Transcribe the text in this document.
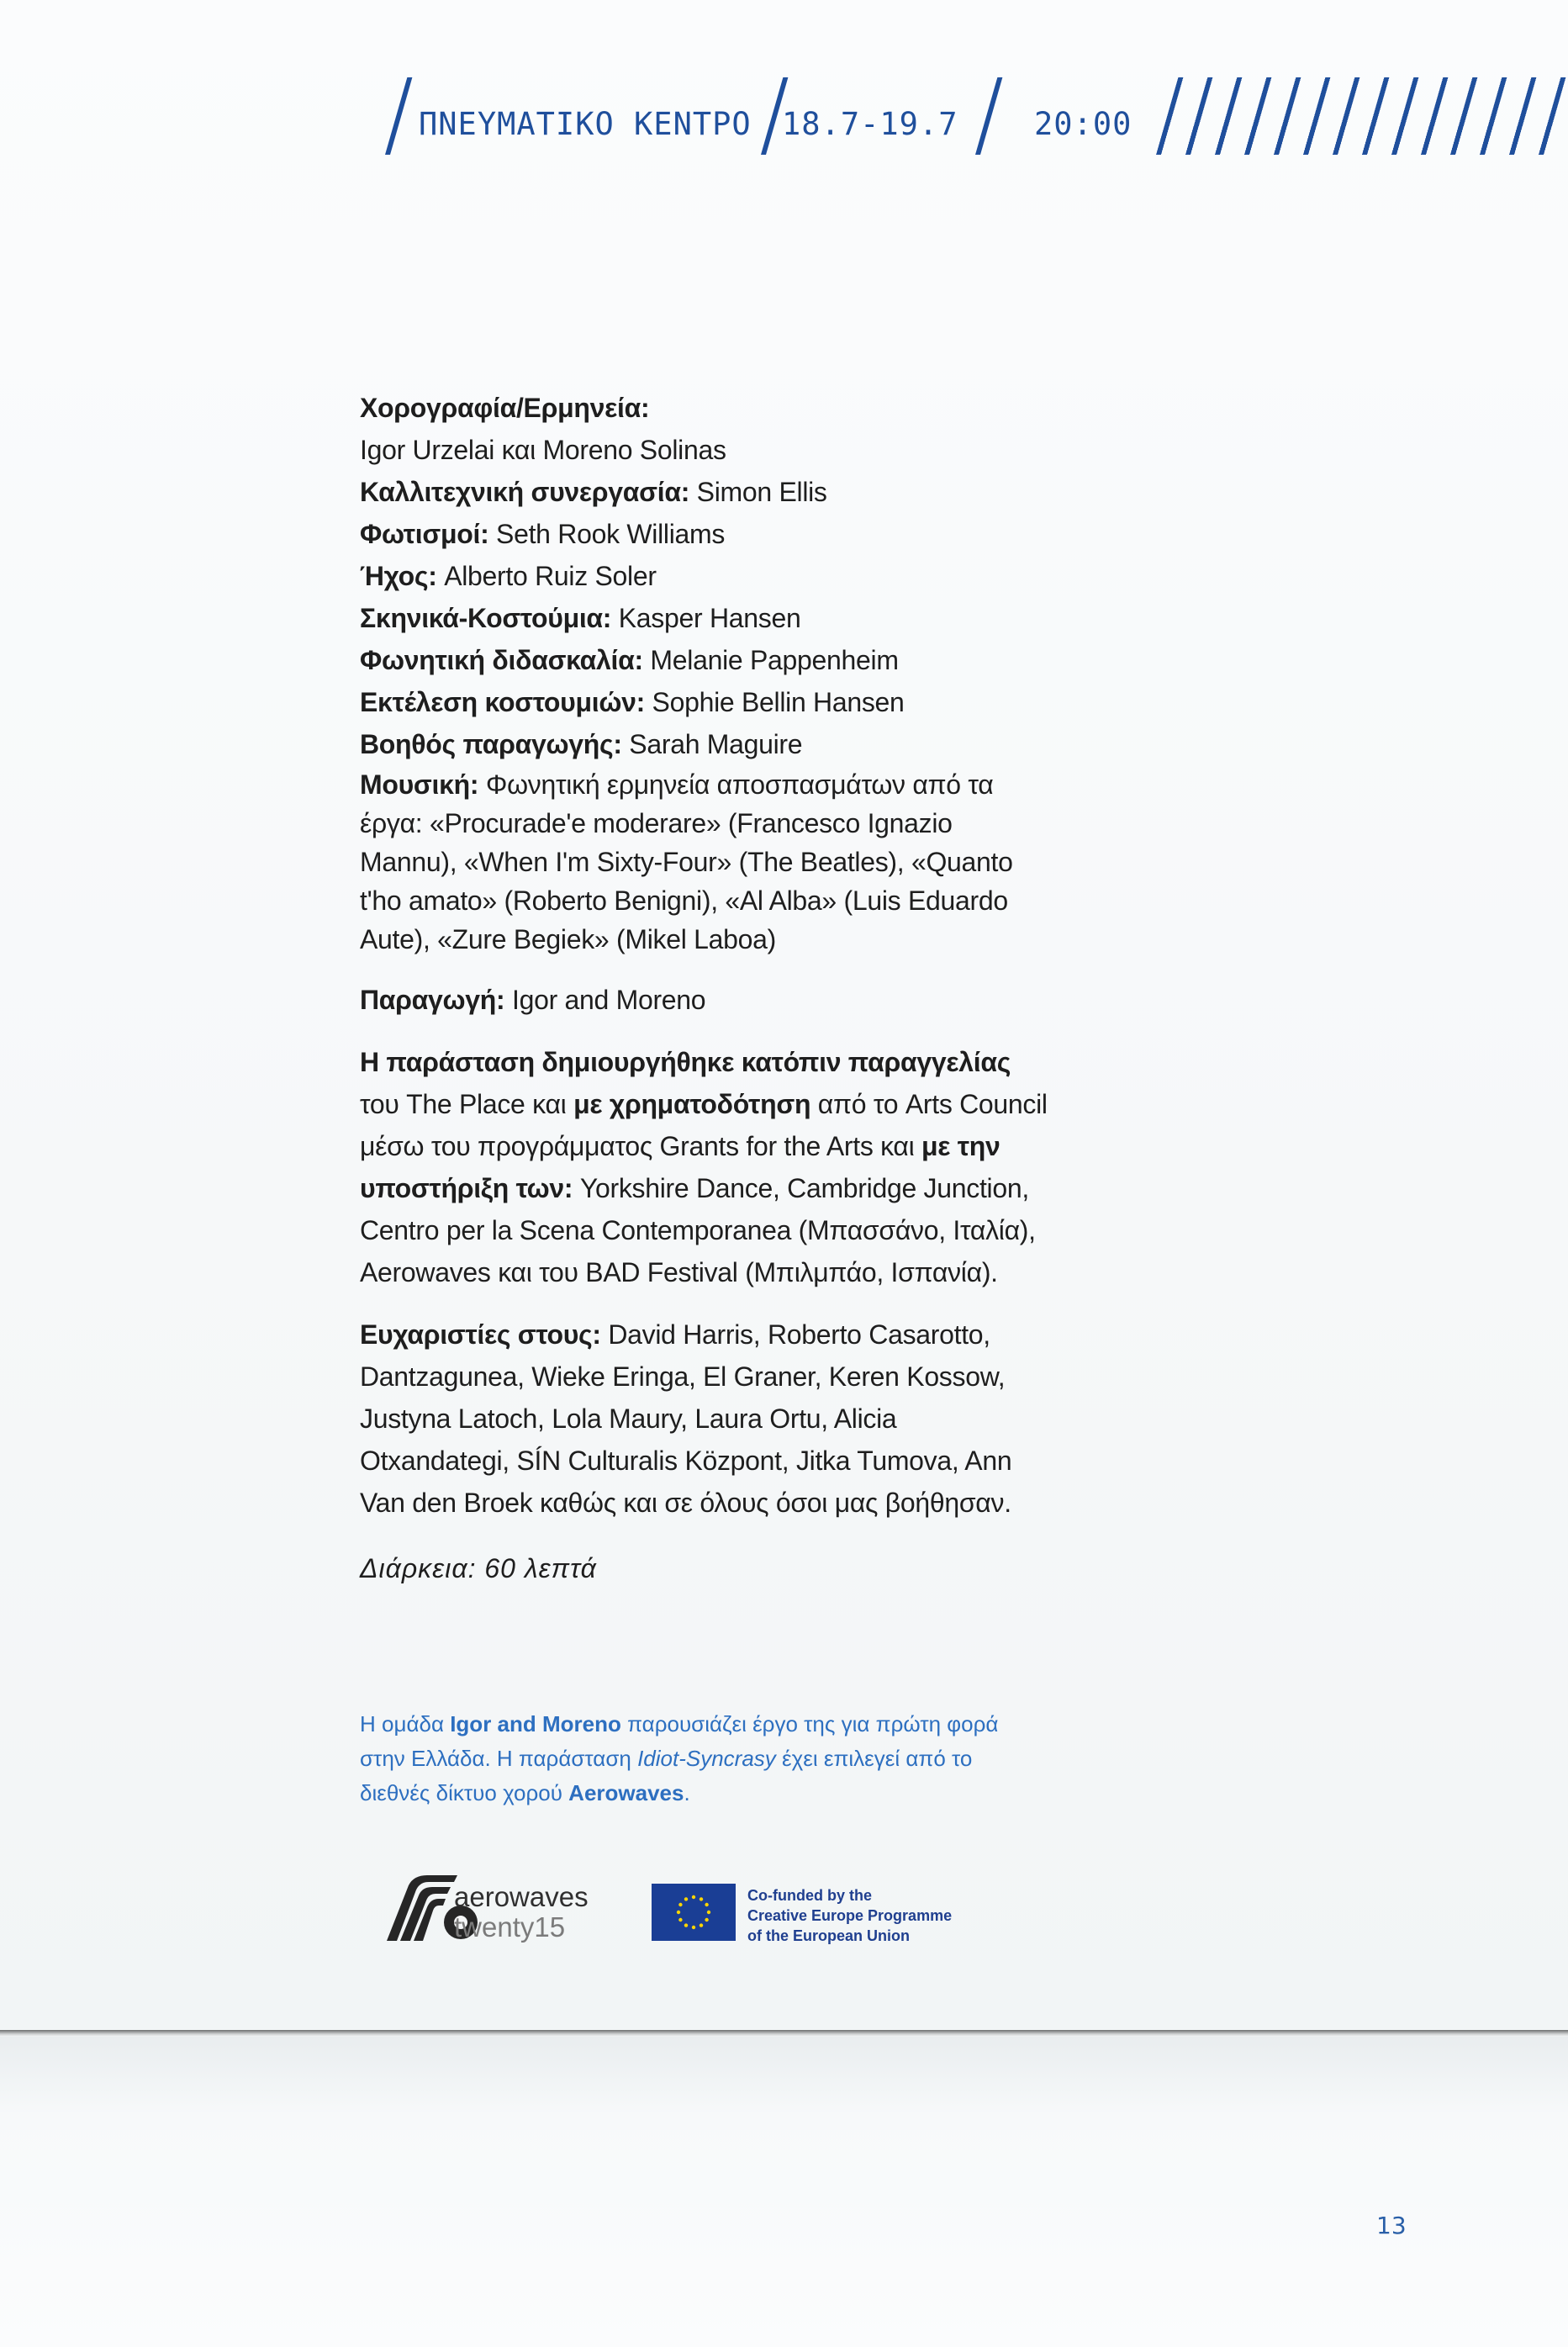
ΠΝΕΥΜΑΤΙΚΟ ΚΕΝΤΡΟ 18.7-19.7 20:00

Χορογραφία/Ερμηνεία:

Igor Urzelai και Moreno Solinas

Καλλιτεχνική συνεργασία: Simon Ellis

Φωτισμοί: Seth Rook Williams

Ήχος: Alberto Ruiz Soler

Σκηνικά-Κοστούμια: Kasper Hansen

Φωνητική διδασκαλία: Melanie Pappenheim

Εκτέλεση κοστουμιών: Sophie Bellin Hansen

Βοηθός παραγωγής: Sarah Maguire

Μουσική: Φωνητική ερμηνεία αποσπασμάτων από τα έργα: «Procurade'e moderare» (Francesco Ignazio Mannu), «When I'm Sixty-Four» (The Beatles), «Quanto t'ho amato» (Roberto Benigni), «Al Alba» (Luis Eduardo Aute), «Zure Begiek» (Mikel Laboa)

Παραγωγή: Igor and Moreno

Η παράσταση δημιουργήθηκε κατόπιν παραγγελίας του The Place και με χρηματοδότηση από το Arts Council μέσω του προγράμματος Grants for the Arts και με την υποστήριξη των: Yorkshire Dance, Cambridge Junction, Centro per la Scena Contemporanea (Μπασσάνο, Ιταλία), Aerowaves και του BAD Festival (Μπιλμπάο, Ισπανία).

Ευχαριστίες στους: David Harris, Roberto Casarotto, Dantzagunea, Wieke Eringa, El Graner, Keren Kossow, Justyna Latoch, Lola Maury, Laura Ortu, Alicia Otxandategi, SÍN Culturalis Központ, Jitka Tumova, Ann Van den Broek καθώς και σε όλους όσοι μας βοήθησαν.

Διάρκεια: 60 λεπτά

Η ομάδα Igor and Moreno παρουσιάζει έργο της για πρώτη φορά στην Ελλάδα. Η παράσταση Idiot-Syncrasy έχει επιλεγεί από το διεθνές δίκτυο χορού Aerowaves.
aerowaves
twenty15
Co-funded by the
Creative Europe Programme
of the European Union
13
